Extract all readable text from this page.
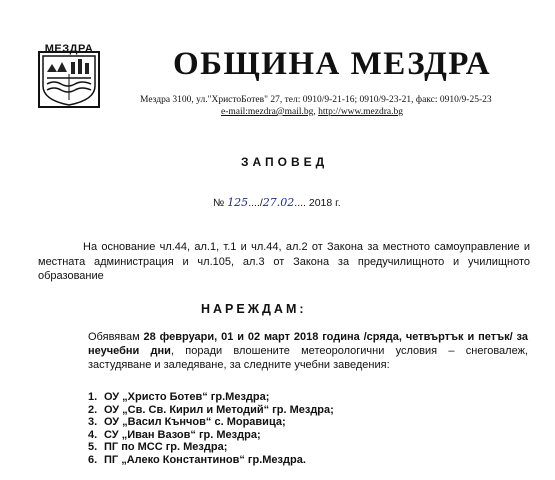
МЕЗДРА ОБЩИНА МЕЗДРА
Мездра 3100, ул."ХристоБотев" 27, тел: 0910/9-21-16; 0910/9-23-21, факс: 0910/9-25-23
e-mail:mezdra@mail.bg, http://www.mezdra.bg
ЗАПОВЕД
№ 125..../27.02.... 2018 г.

На основание чл.44, ал.1, т.1 и чл.44, ал.2 от Закона за местното самоуправление и местната администрация и чл.105, ал.3 от Закона за предучилищното и училищното образование

НАРЕЖДАМ:

Обявявам 28 февруари, 01 и 02 март 2018 година /сряда, четвъртък и петък/ за неучебни дни, поради влошените метеорологични условия – снеговалеж, застудяване и заледяване, за следните учебни заведения:

1. ОУ „Христо Ботев“ гр.Мездра;
2. ОУ „Св. Св. Кирил и Методий“ гр. Мездра;
3. ОУ „Васил Кънчов“ с. Моравица;
4. СУ „Иван Вазов“ гр. Мездра;
5. ПГ по МСС гр. Мездра;
6. ПГ „Алеко Константинов“ гр.Мездра.
